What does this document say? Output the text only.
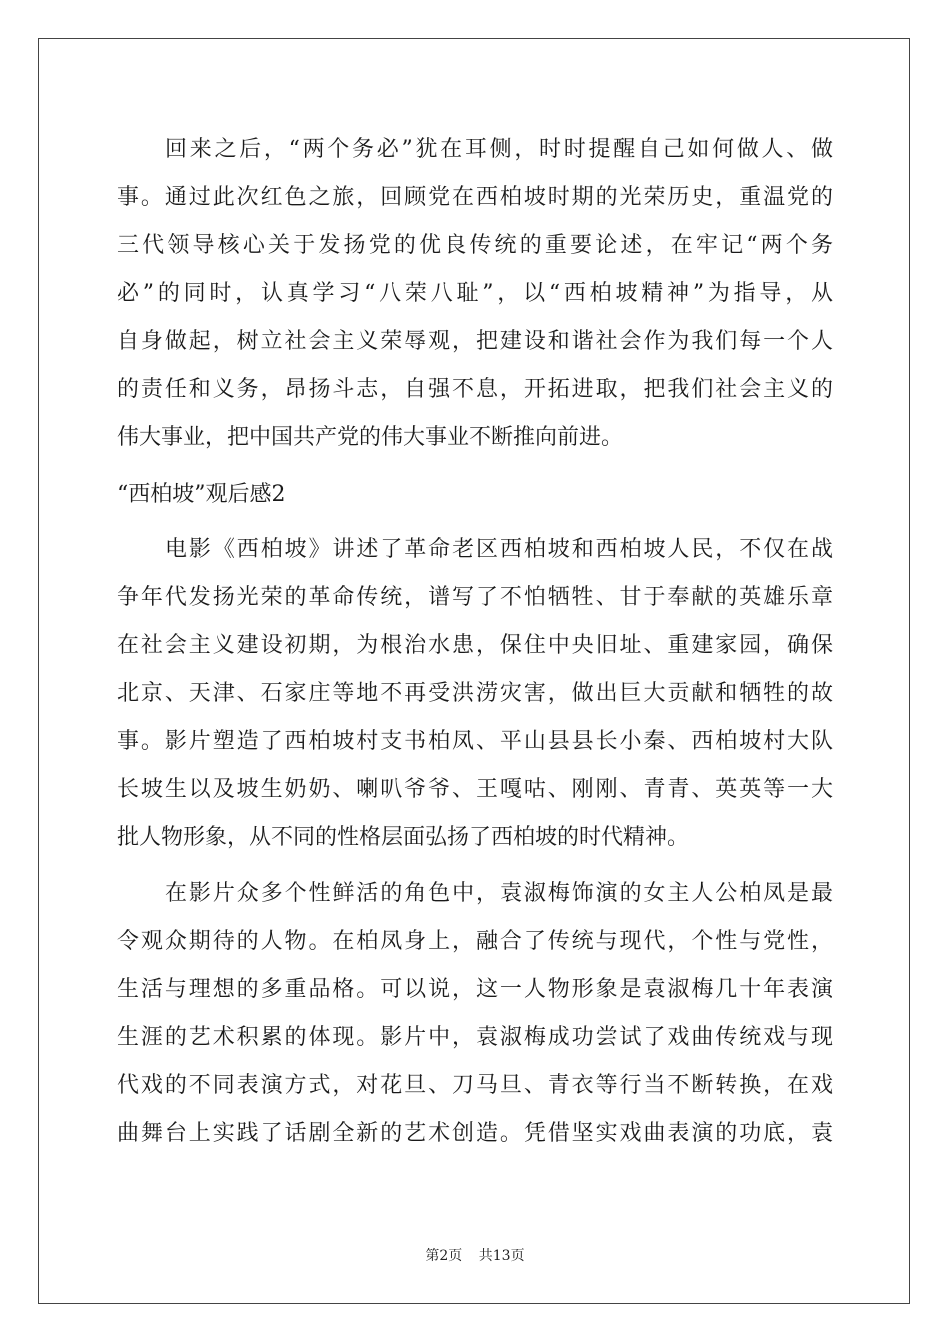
回来之后，“两个务必”犹在耳侧，时时提醒自己如何做人、做
事。通过此次红色之旅，回顾党在西柏坡时期的光荣历史，重温党的
三代领导核心关于发扬党的优良传统的重要论述，在牢记“两个务
必”的同时，认真学习“八荣八耻”，以“西柏坡精神”为指导，从
自身做起，树立社会主义荣辱观，把建设和谐社会作为我们每一个人
的责任和义务，昂扬斗志，自强不息，开拓进取，把我们社会主义的
伟大事业，把中国共产党的伟大事业不断推向前进。
“西柏坡”观后感2
电影《西柏坡》讲述了革命老区西柏坡和西柏坡人民，不仅在战
争年代发扬光荣的革命传统，谱写了不怕牺牲、甘于奉献的英雄乐章
在社会主义建设初期，为根治水患，保住中央旧址、重建家园，确保
北京、天津、石家庄等地不再受洪涝灾害，做出巨大贡献和牺牲的故
事。影片塑造了西柏坡村支书柏凤、平山县县长小秦、西柏坡村大队
长坡生以及坡生奶奶、喇叭爷爷、王嘎咕、刚刚、青青、英英等一大
批人物形象，从不同的性格层面弘扬了西柏坡的时代精神。
在影片众多个性鲜活的角色中，袁淑梅饰演的女主人公柏凤是最
令观众期待的人物。在柏凤身上，融合了传统与现代，个性与党性，
生活与理想的多重品格。可以说，这一人物形象是袁淑梅几十年表演
生涯的艺术积累的体现。影片中，袁淑梅成功尝试了戏曲传统戏与现
代戏的不同表演方式，对花旦、刀马旦、青衣等行当不断转换，在戏
曲舞台上实践了话剧全新的艺术创造。凭借坚实戏曲表演的功底，袁
第2页 共13页
